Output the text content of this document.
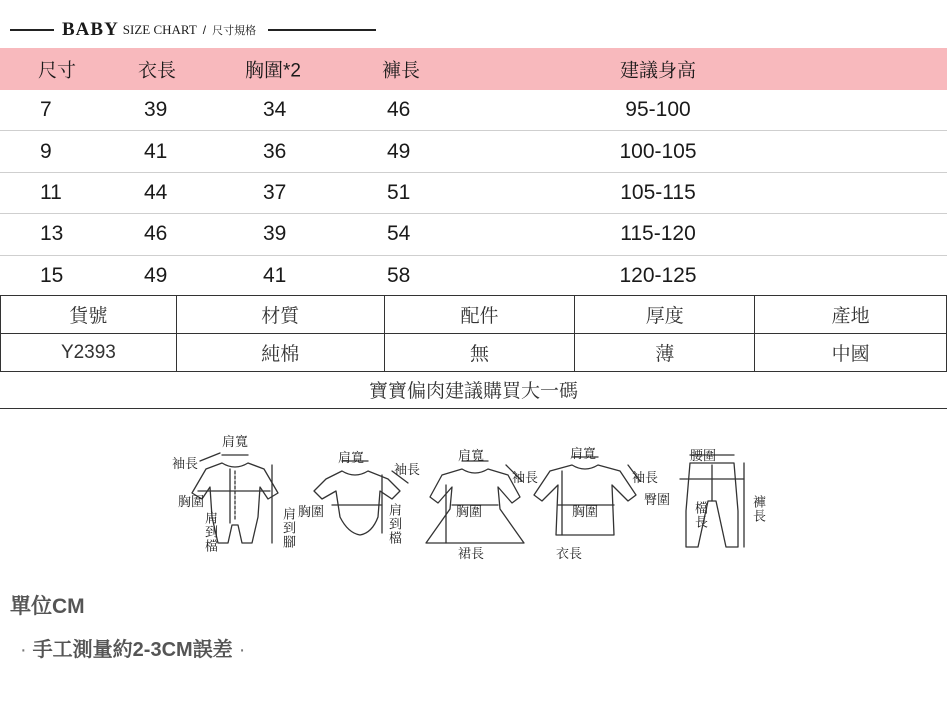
BABY SIZE CHART / 尺寸規格
尺寸	衣長	胸圍*2	褲長	建議身高
7	39	34	46	95-100
9	41	36	49	100-105
11	44	37	51	105-115
13	46	39	54	115-120
15	49	41	58	120-125
貨號	材質	配件	厚度	產地
Y2393	純棉	無	薄	中國
寶寶偏肉建議購買大一碼
肩寬
袖長
胸圍
肩到檔	肩到腳
肩寬
袖長
胸圍	肩到檔
肩寬
袖長
胸圍
裙長
肩寬
袖長
胸圍
衣長
腰圍
臀圍
檔長	褲長
單位CM
· 手工測量約2-3CM誤差 ·
